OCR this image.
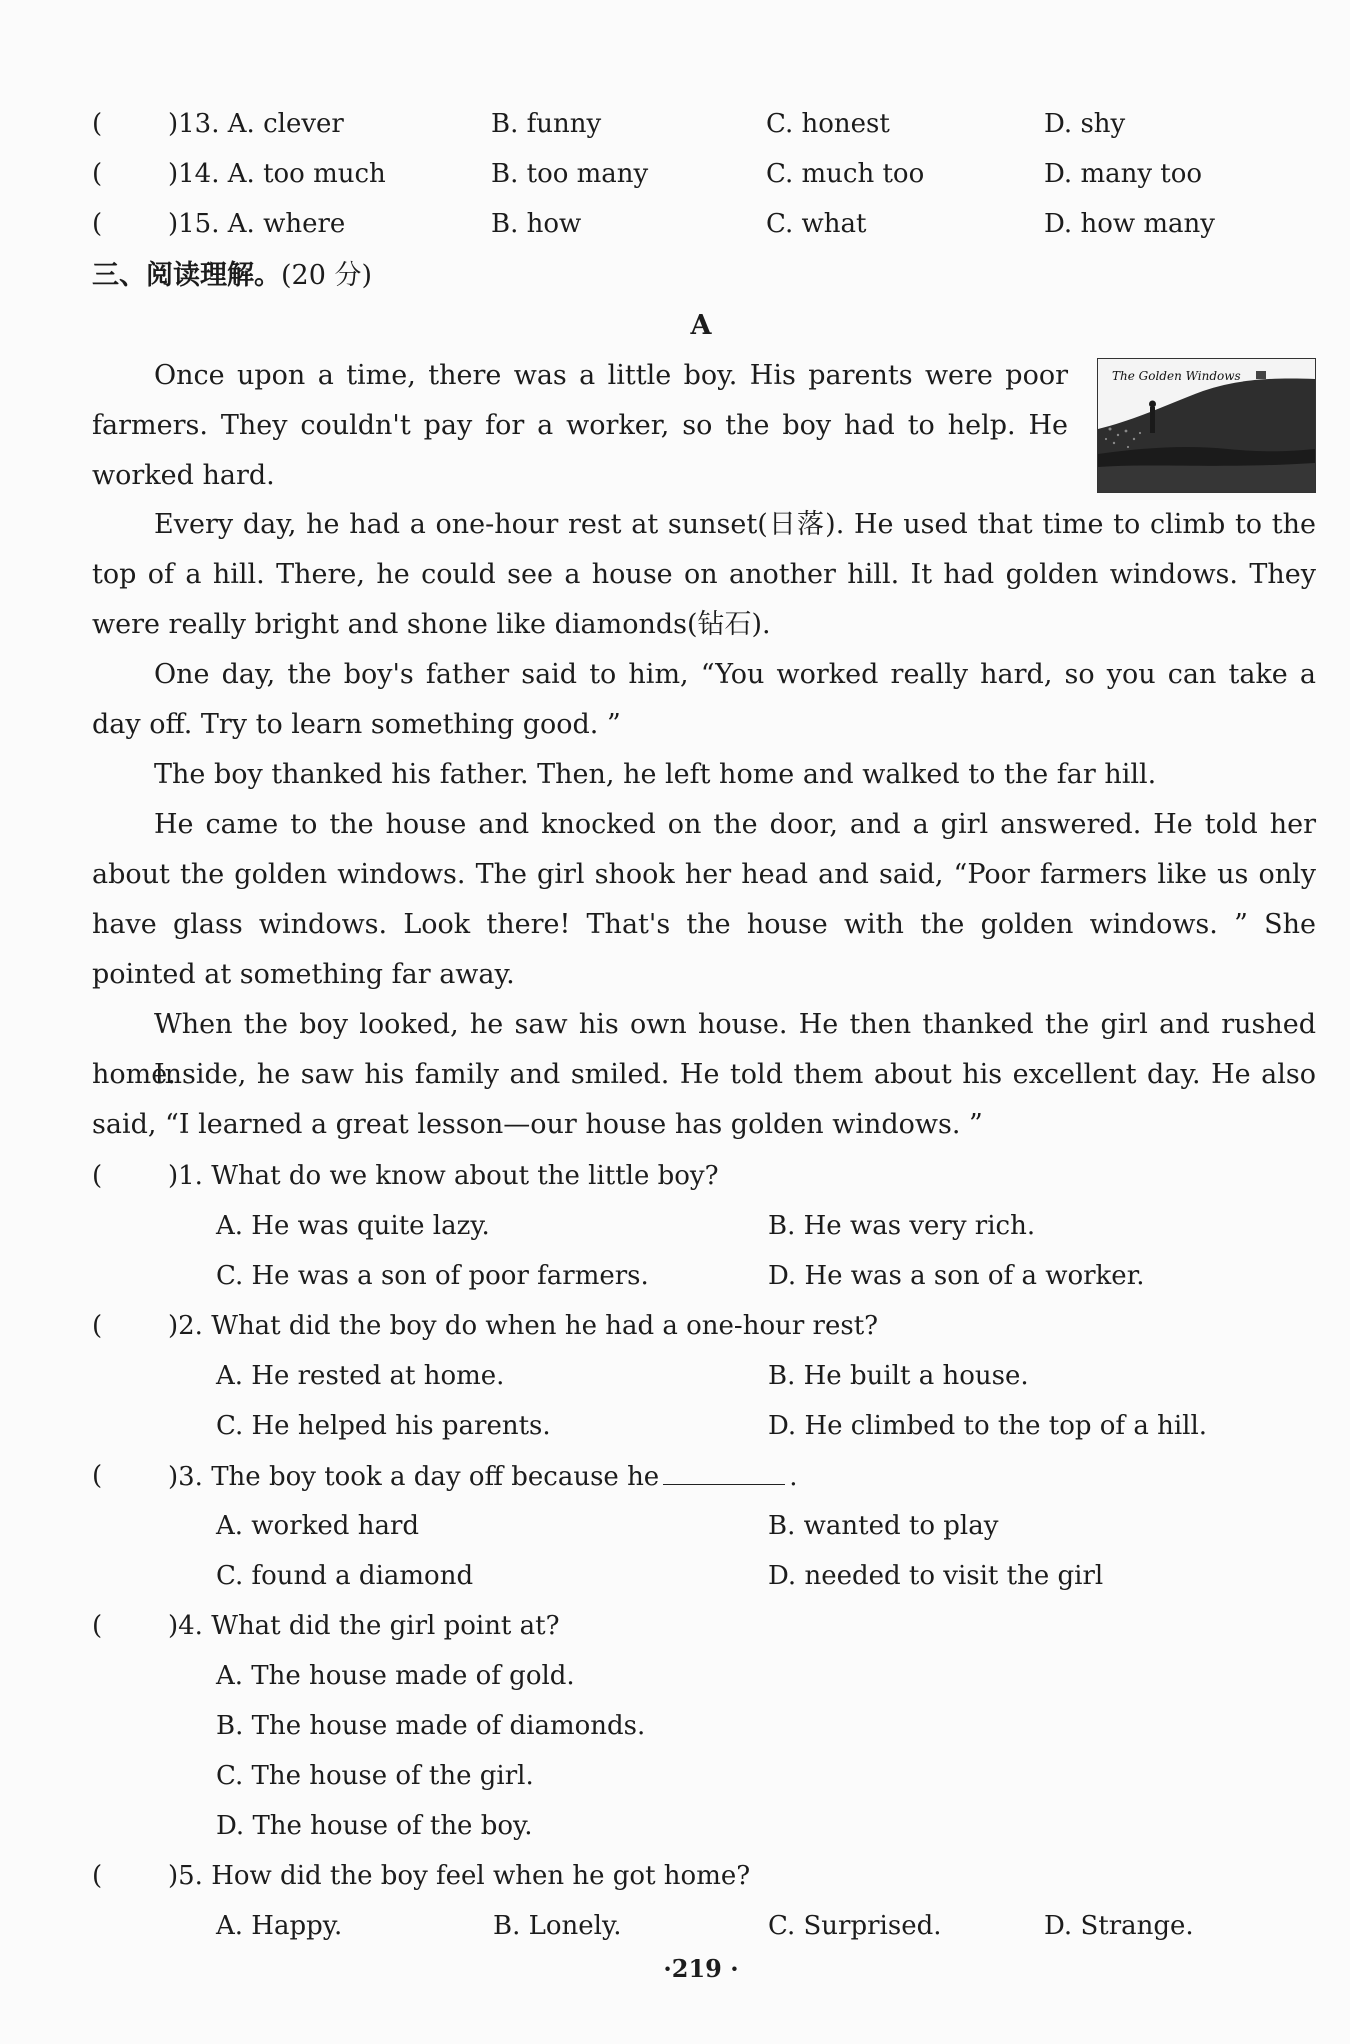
(	)13. A. clever	B. funny	C. honest	D. shy
(	)14. A. too much	B. too many	C. much too	D. many too
(	)15. A. where	B. how	C. what	D. how many
三、阅读理解。(20 分)
A
The Golden Windows
Once upon a time, there was a little boy. His parents were poor farmers. They couldn't pay for a worker, so the boy had to help. He worked hard.
Every day, he had a one-hour rest at sunset(日落). He used that time to climb to the top of a hill. There, he could see a house on another hill. It had golden windows. They were really bright and shone like diamonds(钻石).
One day, the boy's father said to him, “You worked really hard, so you can take a day off. Try to learn something good. ”
The boy thanked his father. Then, he left home and walked to the far hill.
He came to the house and knocked on the door, and a girl answered. He told her about the golden windows. The girl shook her head and said, “Poor farmers like us only have glass windows. Look there! That's the house with the golden windows. ” She pointed at something far away.
When the boy looked, he saw his own house. He then thanked the girl and rushed home.
Inside, he saw his family and smiled. He told them about his excellent day. He also said, “I learned a great lesson—our house has golden windows. ”
(	)1. What do we know about the little boy?
A. He was quite lazy.	B. He was very rich.
C. He was a son of poor farmers.	D. He was a son of a worker.
(	)2. What did the boy do when he had a one-hour rest?
A. He rested at home.	B. He built a house.
C. He helped his parents.	D. He climbed to the top of a hill.
(	)3. The boy took a day off because he	.
A. worked hard	B. wanted to play
C. found a diamond	D. needed to visit the girl
(	)4. What did the girl point at?
A. The house made of gold.
B. The house made of diamonds.
C. The house of the girl.
D. The house of the boy.
(	)5. How did the boy feel when he got home?
A. Happy.	B. Lonely.	C. Surprised.	D. Strange.
·219 ·
